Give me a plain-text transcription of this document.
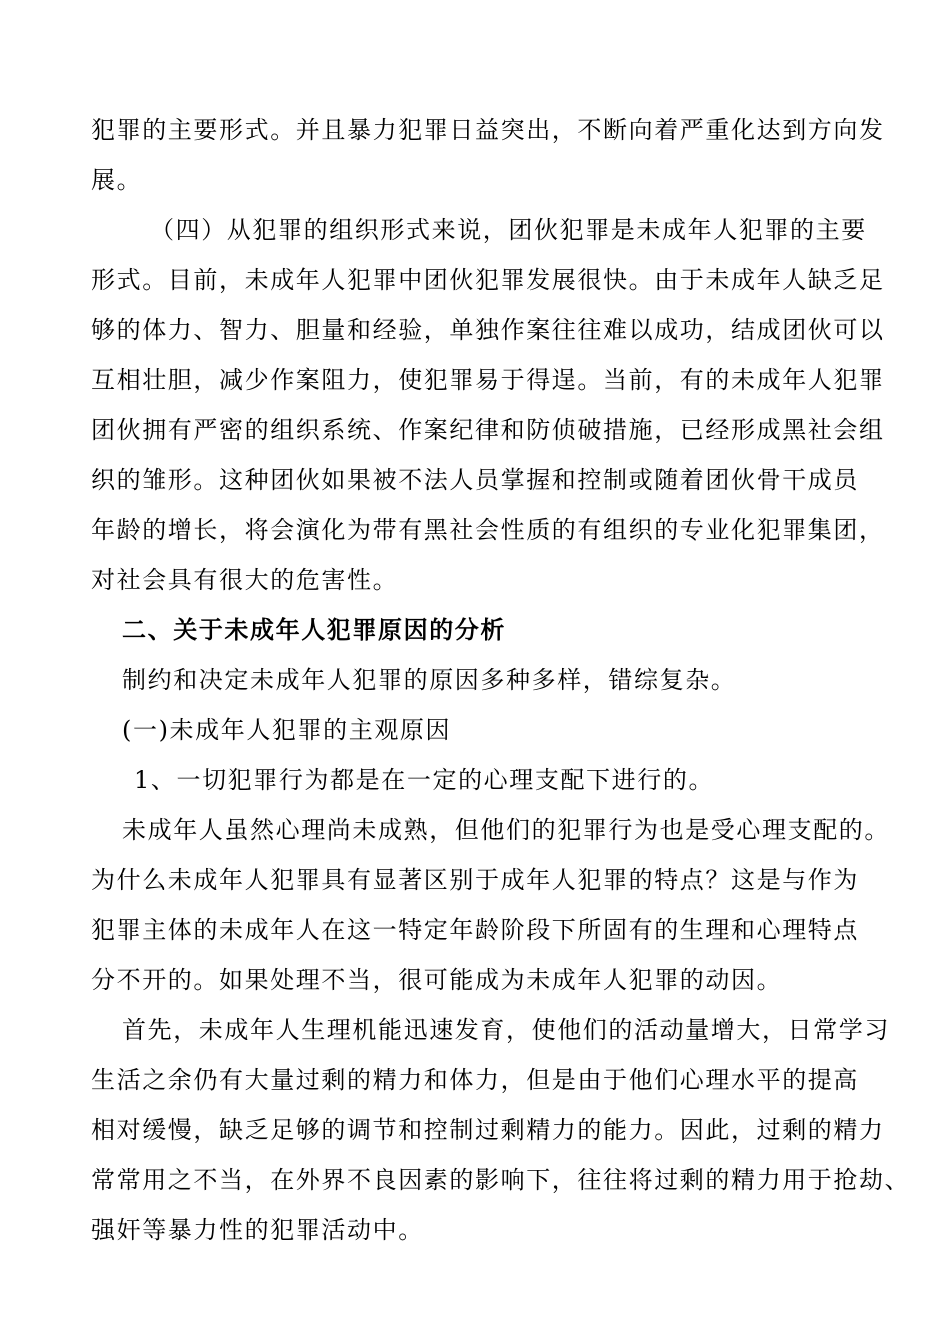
犯罪的主要形式。并且暴力犯罪日益突出，不断向着严重化达到方向发
展。
（四）从犯罪的组织形式来说，团伙犯罪是未成年人犯罪的主要
形式。目前，未成年人犯罪中团伙犯罪发展很快。由于未成年人缺乏足
够的体力、智力、胆量和经验，单独作案往往难以成功，结成团伙可以
互相壮胆，减少作案阻力，使犯罪易于得逞。当前，有的未成年人犯罪
团伙拥有严密的组织系统、作案纪律和防侦破措施，已经形成黑社会组
织的雏形。这种团伙如果被不法人员掌握和控制或随着团伙骨干成员
年龄的增长，将会演化为带有黑社会性质的有组织的专业化犯罪集团，
对社会具有很大的危害性。
二、关于未成年人犯罪原因的分析
制约和决定未成年人犯罪的原因多种多样，错综复杂。
(一)未成年人犯罪的主观原因
1、一切犯罪行为都是在一定的心理支配下进行的。
未成年人虽然心理尚未成熟，但他们的犯罪行为也是受心理支配的。
为什么未成年人犯罪具有显著区别于成年人犯罪的特点？这是与作为
犯罪主体的未成年人在这一特定年龄阶段下所固有的生理和心理特点
分不开的。如果处理不当，很可能成为未成年人犯罪的动因。
首先，未成年人生理机能迅速发育，使他们的活动量增大，日常学习
生活之余仍有大量过剩的精力和体力，但是由于他们心理水平的提高
相对缓慢，缺乏足够的调节和控制过剩精力的能力。因此，过剩的精力
常常用之不当，在外界不良因素的影响下，往往将过剩的精力用于抢劫、
强奸等暴力性的犯罪活动中。
